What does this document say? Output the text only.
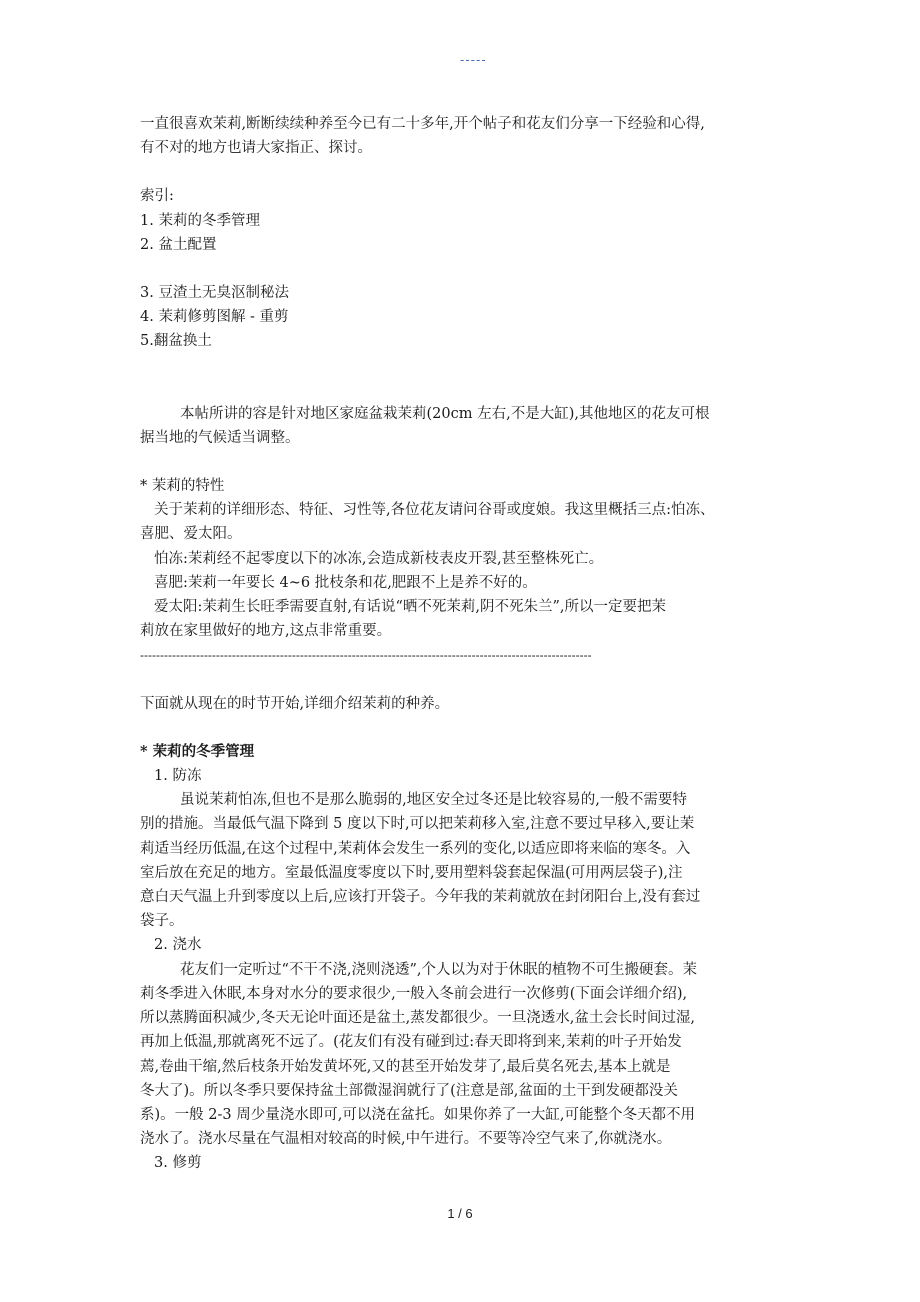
-----

一直很喜欢茉莉,断断续续种养至今已有二十多年,开个帖子和花友们分享一下经验和心得,

有不对的地方也请大家指正、探讨。

索引:

1. 茉莉的冬季管理

2. 盆土配置

3. 豆渣土无臭沤制秘法

4. 茉莉修剪图解 - 重剪

5.翻盆换土

本帖所讲的容是针对地区家庭盆栽茉莉(20cm 左右,不是大缸),其他地区的花友可根

据当地的气候适当调整。

* 茉莉的特性

关于茉莉的详细形态、特征、习性等,各位花友请问谷哥或度娘。我这里概括三点:怕冻、

喜肥、爱太阳。

怕冻:茉莉经不起零度以下的冰冻,会造成新枝表皮开裂,甚至整株死亡。

喜肥:茉莉一年要长 4~6 批枝条和花,肥跟不上是养不好的。

爱太阳:茉莉生长旺季需要直射,有话说“晒不死茉莉,阴不死朱兰”,所以一定要把茉

莉放在家里做好的地方,这点非常重要。

-----------------------------------------------------------------------------------------------------------------

下面就从现在的时节开始,详细介绍茉莉的种养。

* 茉莉的冬季管理

1. 防冻

虽说茉莉怕冻,但也不是那么脆弱的,地区安全过冬还是比较容易的,一般不需要特

别的措施。当最低气温下降到 5 度以下时,可以把茉莉移入室,注意不要过早移入,要让茉

莉适当经历低温,在这个过程中,茉莉体会发生一系列的变化,以适应即将来临的寒冬。入

室后放在充足的地方。室最低温度零度以下时,要用塑料袋套起保温(可用两层袋子),注

意白天气温上升到零度以上后,应该打开袋子。今年我的茉莉就放在封闭阳台上,没有套过

袋子。

2. 浇水

花友们一定听过“不干不浇,浇则浇透”,个人以为对于休眠的植物不可生搬硬套。茉

莉冬季进入休眠,本身对水分的要求很少,一般入冬前会进行一次修剪(下面会详细介绍),

所以蒸腾面积减少,冬天无论叶面还是盆土,蒸发都很少。一旦浇透水,盆土会长时间过湿,

再加上低温,那就离死不远了。(花友们有没有碰到过:春天即将到来,茉莉的叶子开始发

蔫,卷曲干缩,然后枝条开始发黄坏死,又的甚至开始发芽了,最后莫名死去,基本上就是

冬大了)。所以冬季只要保持盆土部微湿润就行了(注意是部,盆面的土干到发硬都没关

系)。一般 2-3 周少量浇水即可,可以浇在盆托。如果你养了一大缸,可能整个冬天都不用

浇水了。浇水尽量在气温相对较高的时候,中午进行。不要等冷空气来了,你就浇水。

3. 修剪

1 / 6
